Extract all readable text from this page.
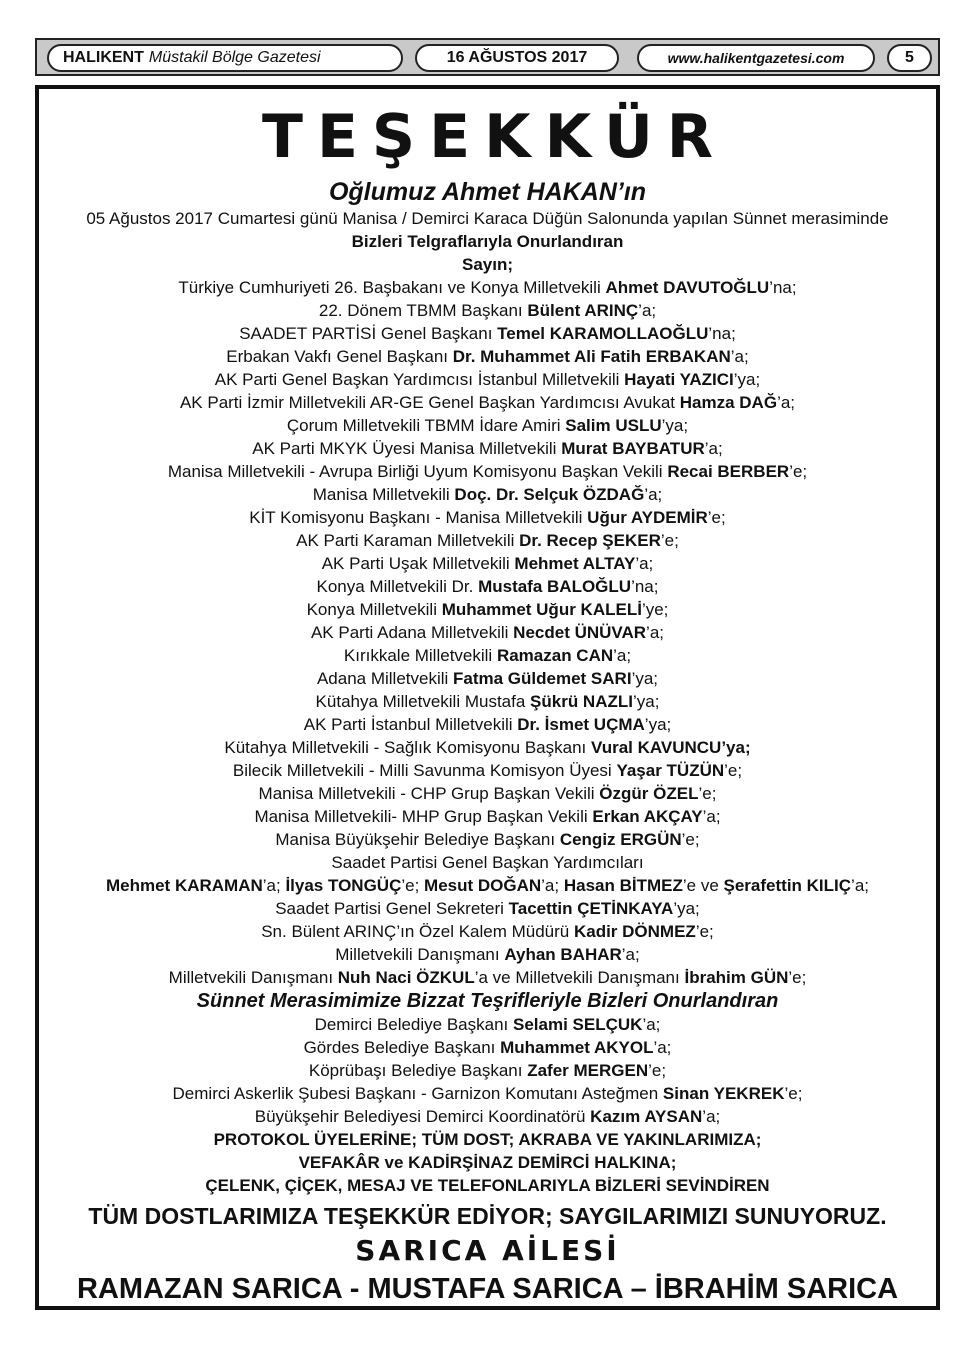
HALIKENT Müstakil Bölge Gazetesi	16 AĞUSTOS 2017	www.halikentgazetesi.com	5
TEŞEKKÜR
Oğlumuz Ahmet HAKAN’ın
05 Ağustos 2017 Cumartesi günü Manisa / Demirci Karaca Düğün Salonunda yapılan Sünnet merasiminde
Bizleri Telgraflarıyla Onurlandıran
Sayın;
Türkiye Cumhuriyeti 26. Başbakanı ve Konya Milletvekili Ahmet DAVUTOĞLU’na;
22. Dönem TBMM Başkanı Bülent ARINÇ’a;
SAADET PARTİSİ Genel Başkanı Temel KARAMOLLAOĞLU’na;
Erbakan Vakfı Genel Başkanı Dr. Muhammet Ali Fatih ERBAKAN’a;
AK Parti Genel Başkan Yardımcısı İstanbul Milletvekili Hayati YAZICI’ya;
AK Parti İzmir Milletvekili AR-GE Genel Başkan Yardımcısı Avukat Hamza DAĞ’a;
Çorum Milletvekili TBMM İdare Amiri Salim USLU’ya;
AK Parti MKYK Üyesi Manisa Milletvekili Murat BAYBATUR’a;
Manisa Milletvekili - Avrupa Birliği Uyum Komisyonu Başkan Vekili Recai BERBER’e;
Manisa Milletvekili Doç. Dr. Selçuk ÖZDAĞ’a;
KİT Komisyonu Başkanı - Manisa Milletvekili Uğur AYDEMİR’e;
AK Parti Karaman Milletvekili Dr. Recep ŞEKER’e;
AK Parti Uşak Milletvekili Mehmet ALTAY’a;
Konya Milletvekili Dr. Mustafa BALOĞLU’na;
Konya Milletvekili Muhammet Uğur KALELİ’ye;
AK Parti Adana Milletvekili Necdet ÜNÜVAR’a;
Kırıkkale Milletvekili Ramazan CAN’a;
Adana Milletvekili Fatma Güldemet SARI’ya;
Kütahya Milletvekili Mustafa Şükrü NAZLI’ya;
AK Parti İstanbul Milletvekili Dr. İsmet UÇMA’ya;
Kütahya Milletvekili - Sağlık Komisyonu Başkanı Vural KAVUNCU’ya;
Bilecik Milletvekili - Milli Savunma Komisyon Üyesi Yaşar TÜZÜN’e;
Manisa Milletvekili - CHP Grup Başkan Vekili Özgür ÖZEL’e;
Manisa Milletvekili- MHP Grup Başkan Vekili Erkan AKÇAY’a;
Manisa Büyükşehir Belediye Başkanı Cengiz ERGÜN’e;
Saadet Partisi Genel Başkan Yardımcıları
Mehmet KARAMAN’a; İlyas TONGÜÇ’e; Mesut DOĞAN’a; Hasan BİTMEZ’e ve Şerafettin KILIÇ’a;
Saadet Partisi Genel Sekreteri Tacettin ÇETİNKAYA’ya;
Sn. Bülent ARINÇ’ın Özel Kalem Müdürü Kadir DÖNMEZ’e;
Milletvekili Danışmanı Ayhan BAHAR’a;
Milletvekili Danışmanı Nuh Naci ÖZKUL’a ve Milletvekili Danışmanı İbrahim GÜN’e;
Sünnet Merasimimize Bizzat Teşrifleriyle Bizleri Onurlandıran
Demirci Belediye Başkanı Selami SELÇUK’a;
Gördes Belediye Başkanı Muhammet AKYOL’a;
Köprübaşı Belediye Başkanı Zafer MERGEN’e;
Demirci Askerlik Şubesi Başkanı - Garnizon Komutanı Asteğmen Sinan YEKREK’e;
Büyükşehir Belediyesi Demirci Koordinatörü Kazım AYSAN’a;
PROTOKOL ÜYELERİNE; TÜM DOST; AKRABA VE YAKINLARIMIZA;
VEFAKÂR ve KADİRŞİNAZ DEMİRCİ HALKINA;
ÇELENK, ÇİÇEK, MESAJ VE TELEFONLARIYLA BİZLERİ SEVİNDİREN
TÜM DOSTLARIMIZA TEŞEKKÜR EDİYOR; SAYGILARIMIZI SUNUYORUZ.
SARICA AİLESİ
RAMAZAN SARICA - MUSTAFA SARICA – İBRAHİM SARICA
